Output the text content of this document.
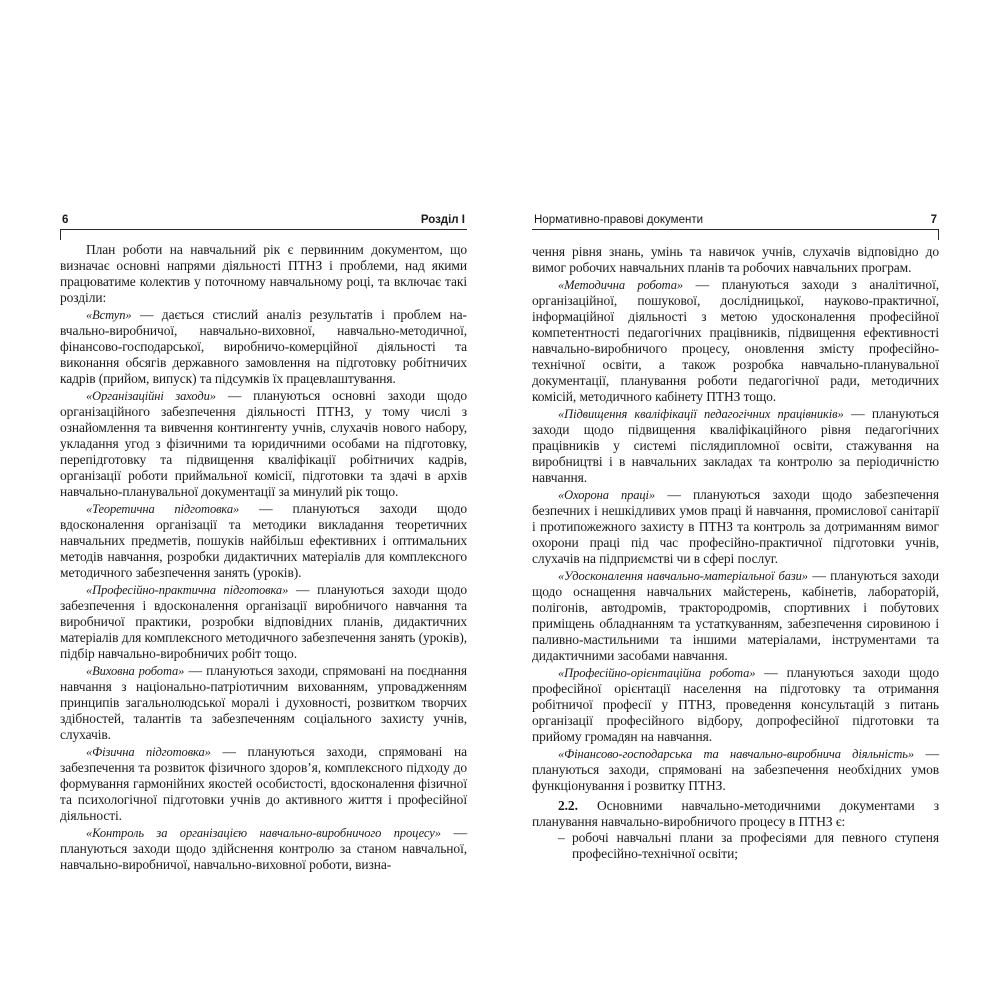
6	Розділ І

План роботи на навчальний рік є первинним документом, що визначає основні напрями діяльності ПТНЗ і проблеми, над якими працюватиме колектив у поточному навчальному році, та включає такі розділи:

«Вступ» — дається стислий аналіз результатів і проблем навчально-виробничої, навчально-виховної, навчально-методичної, фінансово-господарської, виробничо-комерційної діяльності та виконання обсягів державного замовлення на підготовку робітничих кадрів (прийом, випуск) та підсумків їх працевлаштування.

«Організаційні заходи» — плануються основні заходи щодо організаційного забезпечення діяльності ПТНЗ, у тому числі з ознайомлення та вивчення контингенту учнів, слухачів нового набору, укладання угод з фізичними та юридичними особами на підготовку, перепідготовку та підвищення кваліфікації робітничих кадрів, організації роботи приймальної комісії, підготовки та здачі в архів навчально-планувальної документації за минулий рік тощо.

«Теоретична підготовка» — плануються заходи щодо вдосконалення організації та методики викладання теоретичних навчальних предметів, пошуків найбільш ефективних і оптимальних методів навчання, розробки дидактичних матеріалів для комплексного методичного забезпечення занять (уроків).

«Професійно-практична підготовка» — плануються заходи щодо забезпечення і вдосконалення організації виробничого навчання та виробничої практики, розробки відповідних планів, дидактичних матеріалів для комплексного методичного забезпечення занять (уроків), підбір навчально-виробничих робіт тощо.

«Виховна робота» — плануються заходи, спрямовані на поєднання навчання з національно-патріотичним вихованням, упровадженням принципів загальнолюдської моралі і духовності, розвитком творчих здібностей, талантів та забезпеченням соціального захисту учнів, слухачів.

«Фізична підготовка» — плануються заходи, спрямовані на забезпечення та розвиток фізичного здоров’я, комплексного підходу до формування гармонійних якостей особистості, вдосконалення фізичної та психологічної підготовки учнів до активного життя і професійної діяльності.

«Контроль за організацією навчально-виробничого процесу» — плануються заходи щодо здійснення контролю за станом навчальної, навчально-виробничої, навчально-виховної роботи, визна-

Нормативно-правові документи	7

чення рівня знань, умінь та навичок учнів, слухачів відповідно до вимог робочих навчальних планів та робочих навчальних програм.

«Методична робота» — плануються заходи з аналітичної, організаційної, пошукової, дослідницької, науково-практичної, інформаційної діяльності з метою удосконалення професійної компетентності педагогічних працівників, підвищення ефективності навчально-виробничого процесу, оновлення змісту професійно-технічної освіти, а також розробка навчально-планувальної документації, планування роботи педагогічної ради, методичних комісій, методичного кабінету ПТНЗ тощо.

«Підвищення кваліфікації педагогічних працівників» — плануються заходи щодо підвищення кваліфікаційного рівня педагогічних працівників у системі післядипломної освіти, стажування на виробництві і в навчальних закладах та контролю за періодичністю навчання.

«Охорона праці» — плануються заходи щодо забезпечення безпечних і нешкідливих умов праці й навчання, промислової санітарії і протипожежного захисту в ПТНЗ та контроль за дотриманням вимог охорони праці під час професійно-практичної підготовки учнів, слухачів на підприємстві чи в сфері послуг.

«Удосконалення навчально-матеріальної бази» — плануються заходи щодо оснащення навчальних майстерень, кабінетів, лабораторій, полігонів, автодромів, трактородромів, спортивних і побутових приміщень обладнанням та устаткуванням, забезпечення сировиною і паливно-мастильними та іншими матеріалами, інструментами та дидактичними засобами навчання.

«Професійно-орієнтаційна робота» — плануються заходи щодо професійної орієнтації населення на підготовку та отримання робітничої професії у ПТНЗ, проведення консультацій з питань організації професійного відбору, допрофесійної підготовки та прийому громадян на навчання.

«Фінансово-господарська та навчально-виробнича діяльність» — плануються заходи, спрямовані на забезпечення необхідних умов функціонування і розвитку ПТНЗ.

2.2. Основними навчально-методичними документами з планування навчально-виробничого процесу в ПТНЗ є:

– робочі навчальні плани за професіями для певного ступеня професійно-технічної освіти;
